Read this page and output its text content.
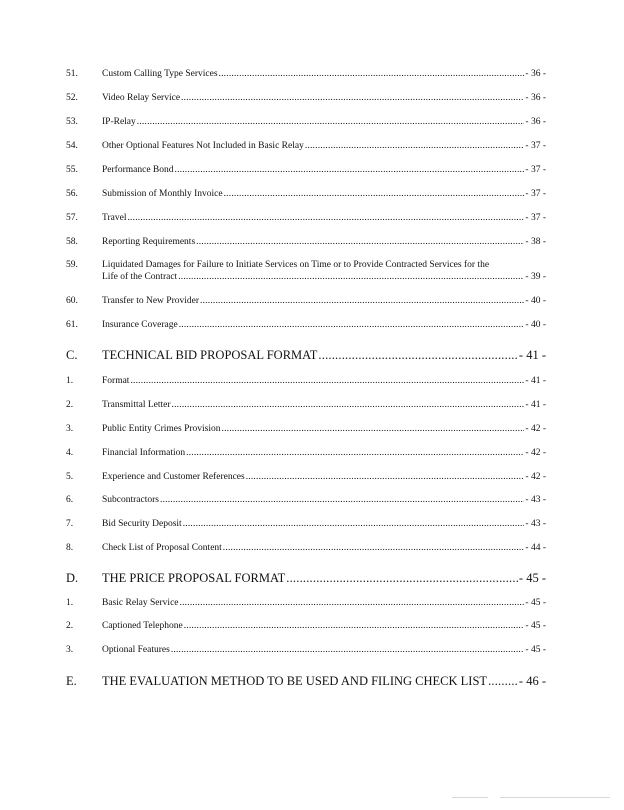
51.	Custom Calling Type Services .....	- 36 -
52.	Video Relay Service .....	- 36 -
53.	IP-Relay .....	- 36 -
54.	Other Optional Features Not Included in Basic Relay .....	- 37 -
55.	Performance Bond .....	- 37 -
56.	Submission of Monthly Invoice .....	- 37 -
57.	Travel .....	- 37 -
58.	Reporting Requirements .....	- 38 -
59.	Liquidated Damages for Failure to Initiate Services on Time or to Provide Contracted Services for the
Life of the Contract .....	- 39 -
60.	Transfer to New Provider .....	- 40 -
61.	Insurance Coverage .....	- 40 -
C. TECHNICAL BID PROPOSAL FORMAT .....	- 41 -
1.	Format .....	- 41 -
2.	Transmittal Letter .....	- 41 -
3.	Public Entity Crimes Provision .....	- 42 -
4.	Financial Information .....	- 42 -
5.	Experience and Customer References .....	- 42 -
6.	Subcontractors .....	- 43 -
7.	Bid Security Deposit .....	- 43 -
8.	Check List of Proposal Content .....	- 44 -
D. THE PRICE PROPOSAL FORMAT .....	- 45 -
1.	Basic Relay Service .....	- 45 -
2.	Captioned Telephone .....	- 45 -
3.	Optional Features .....	- 45 -
E. THE EVALUATION METHOD TO BE USED AND FILING CHECK LIST .....	- 46 -
